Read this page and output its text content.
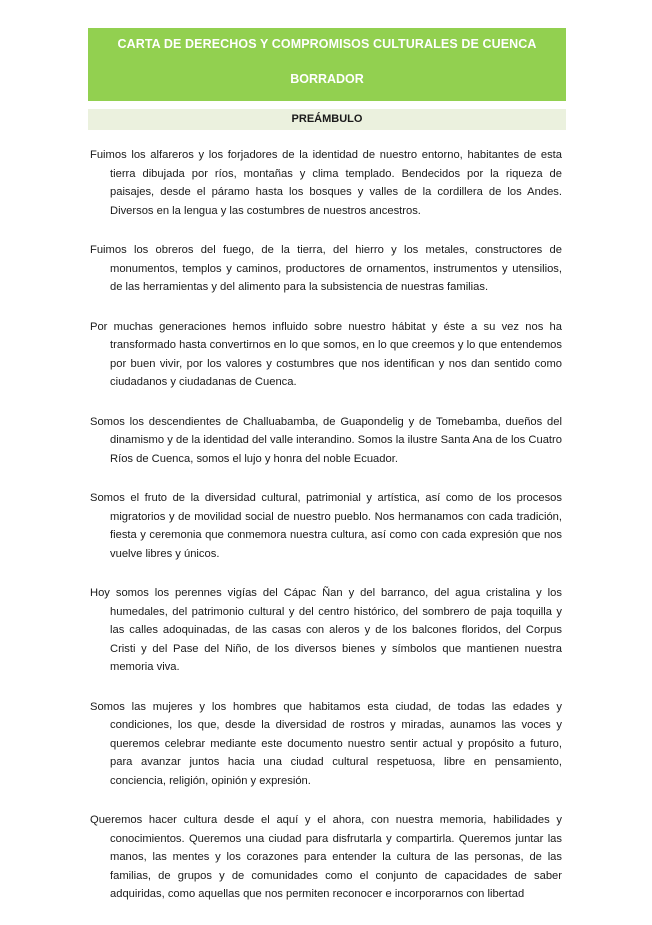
CARTA DE DERECHOS Y COMPROMISOS CULTURALES DE CUENCA
BORRADOR
PREÁMBULO

Fuimos los alfareros y los forjadores de la identidad de nuestro entorno, habitantes de esta tierra dibujada por ríos, montañas y clima templado. Bendecidos por la riqueza de paisajes, desde el páramo hasta los bosques y valles de la cordillera de los Andes. Diversos en la lengua y las costumbres de nuestros ancestros.

Fuimos los obreros del fuego, de la tierra, del hierro y los metales, constructores de monumentos, templos y caminos, productores de ornamentos, instrumentos y utensilios, de las herramientas y del alimento para la subsistencia de nuestras familias.

Por muchas generaciones hemos influido sobre nuestro hábitat y éste a su vez nos ha transformado hasta convertirnos en lo que somos, en lo que creemos y lo que entendemos por buen vivir, por los valores y costumbres que nos identifican y nos dan sentido como ciudadanos y ciudadanas de Cuenca.

Somos los descendientes de Challuabamba, de Guapondelig y de Tomebamba, dueños del dinamismo y de la identidad del valle interandino. Somos la ilustre Santa Ana de los Cuatro Ríos de Cuenca, somos el lujo y honra del noble Ecuador.

Somos el fruto de la diversidad cultural, patrimonial y artística, así como de los procesos migratorios y de movilidad social de nuestro pueblo. Nos hermanamos con cada tradición, fiesta y ceremonia que conmemora nuestra cultura, así como con cada expresión que nos vuelve libres y únicos.

Hoy somos los perennes vigías del Cápac Ñan y del barranco, del agua cristalina y los humedales, del patrimonio cultural y del centro histórico, del sombrero de paja toquilla y las calles adoquinadas, de las casas con aleros y de los balcones floridos, del Corpus Cristi y del Pase del Niño, de los diversos bienes y símbolos que mantienen nuestra memoria viva.

Somos las mujeres y los hombres que habitamos esta ciudad, de todas las edades y condiciones, los que, desde la diversidad de rostros y miradas, aunamos las voces y queremos celebrar mediante este documento nuestro sentir actual y propósito a futuro, para avanzar juntos hacia una ciudad cultural respetuosa, libre en pensamiento, conciencia, religión, opinión y expresión.

Queremos hacer cultura desde el aquí y el ahora, con nuestra memoria, habilidades y conocimientos. Queremos una ciudad para disfrutarla y compartirla. Queremos juntar las manos, las mentes y los corazones para entender la cultura de las personas, de las familias, de grupos y de comunidades como el conjunto de capacidades de saber adquiridas, como aquellas que nos permiten reconocer e incorporarnos con libertad
